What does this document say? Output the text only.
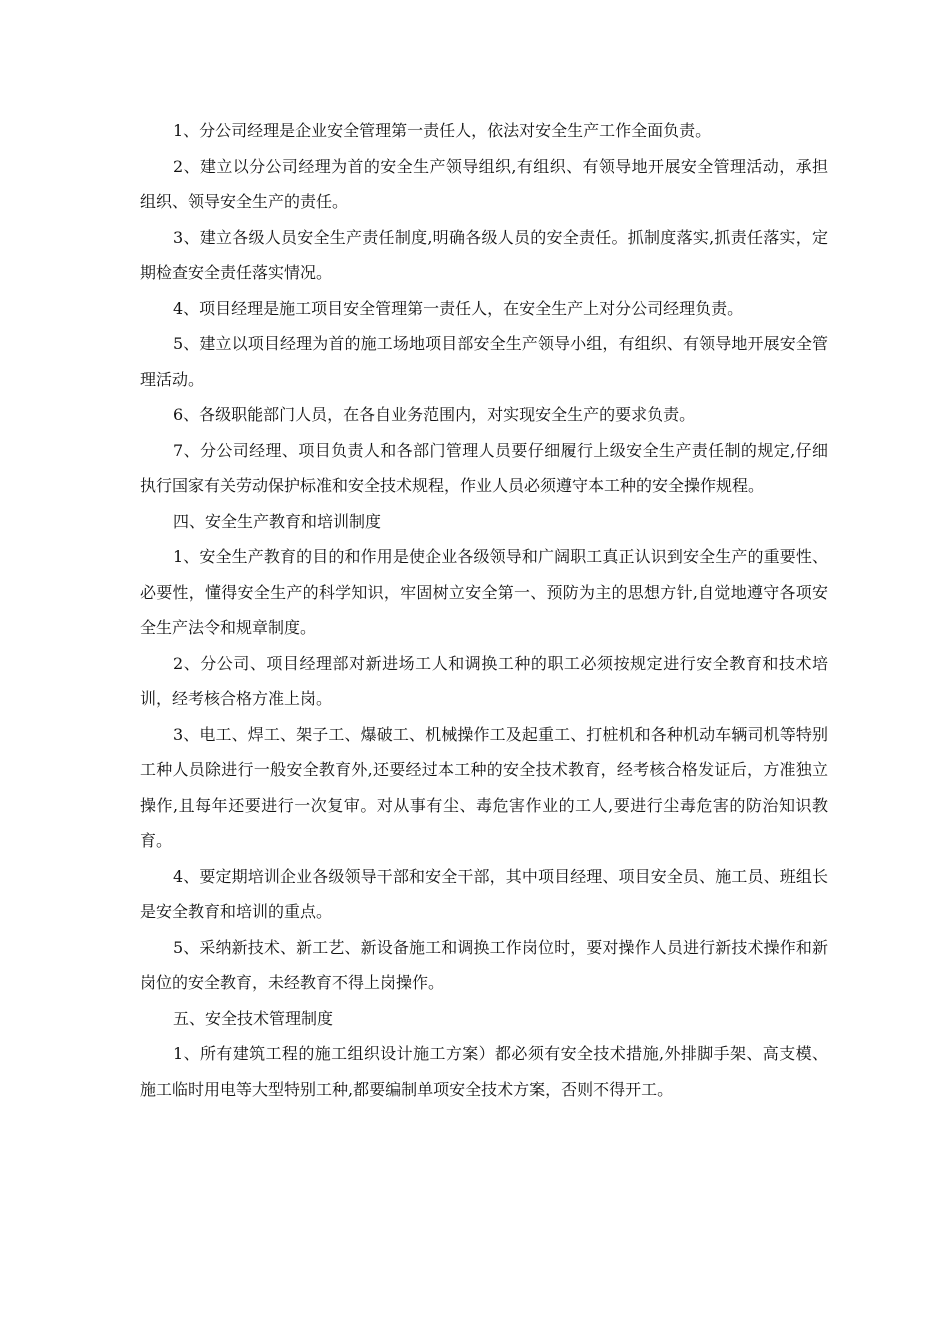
1、分公司经理是企业安全管理第一责任人，依法对安全生产工作全面负责。

2、建立以分公司经理为首的安全生产领导组织,有组织、有领导地开展安全管理活动，承担组织、领导安全生产的责任。

3、建立各级人员安全生产责任制度,明确各级人员的安全责任。抓制度落实,抓责任落实，定期检查安全责任落实情况。

4、项目经理是施工项目安全管理第一责任人，在安全生产上对分公司经理负责。

5、建立以项目经理为首的施工场地项目部安全生产领导小组，有组织、有领导地开展安全管理活动。

6、各级职能部门人员，在各自业务范围内，对实现安全生产的要求负责。

7、分公司经理、项目负责人和各部门管理人员要仔细履行上级安全生产责任制的规定,仔细执行国家有关劳动保护标准和安全技术规程，作业人员必须遵守本工种的安全操作规程。

四、安全生产教育和培训制度

1、安全生产教育的目的和作用是使企业各级领导和广阔职工真正认识到安全生产的重要性、必要性，懂得安全生产的科学知识，牢固树立安全第一、预防为主的思想方针,自觉地遵守各项安全生产法令和规章制度。

2、分公司、项目经理部对新进场工人和调换工种的职工必须按规定进行安全教育和技术培训，经考核合格方准上岗。

3、电工、焊工、架子工、爆破工、机械操作工及起重工、打桩机和各种机动车辆司机等特别工种人员除进行一般安全教育外,还要经过本工种的安全技术教育，经考核合格发证后，方准独立操作,且每年还要进行一次复审。对从事有尘、毒危害作业的工人,要进行尘毒危害的防治知识教育。

4、要定期培训企业各级领导干部和安全干部，其中项目经理、项目安全员、施工员、班组长是安全教育和培训的重点。

5、采纳新技术、新工艺、新设备施工和调换工作岗位时，要对操作人员进行新技术操作和新岗位的安全教育，未经教育不得上岗操作。

五、安全技术管理制度

1、所有建筑工程的施工组织设计施工方案）都必须有安全技术措施,外排脚手架、高支模、施工临时用电等大型特别工种,都要编制单项安全技术方案，否则不得开工。
